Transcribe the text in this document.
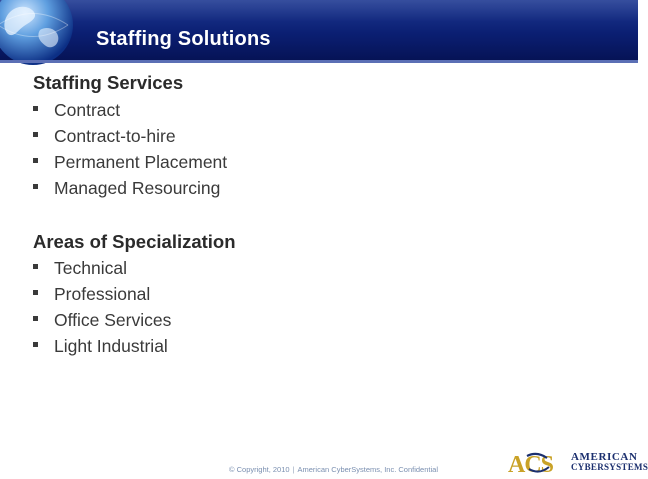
Staffing Solutions
Staffing Services
Contract
Contract-to-hire
Permanent Placement
Managed Resourcing
Areas of Specialization
Technical
Professional
Office Services
Light Industrial
© Copyright, 2010 | American CyberSystems, Inc. Confidential	ACS AMERICAN
CYBERSYSTEMS
